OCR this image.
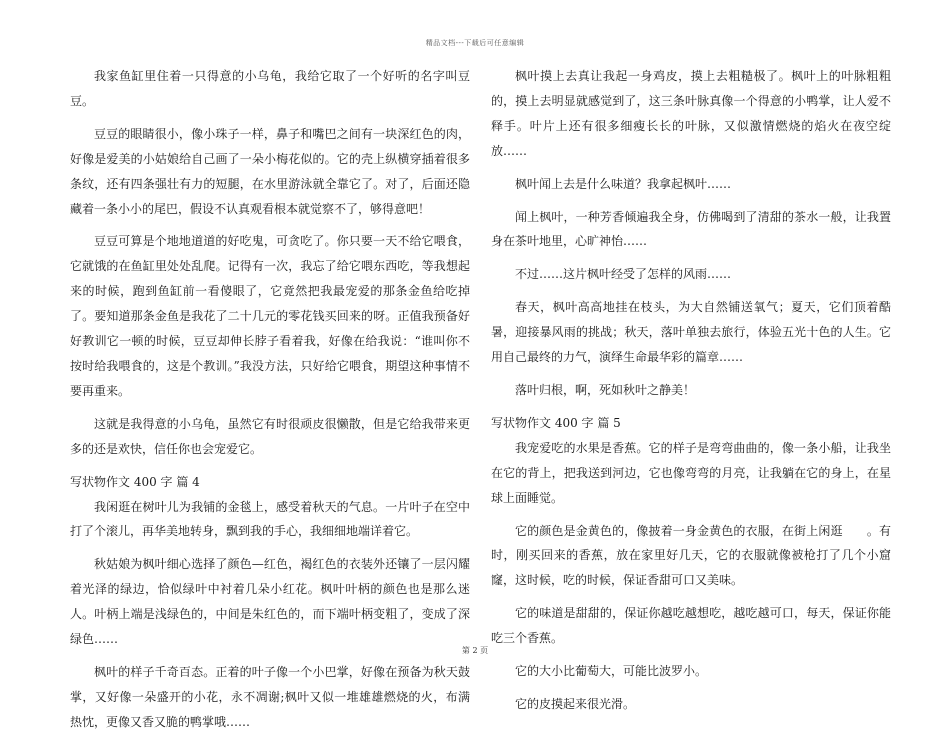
精品文档---下载后可任意编辑

我家鱼缸里住着一只得意的小乌龟，我给它取了一个好听的名字叫豆豆。

豆豆的眼睛很小，像小珠子一样，鼻子和嘴巴之间有一块深红色的肉，好像是爱美的小姑娘给自己画了一朵小梅花似的。它的壳上纵横穿插着很多条纹，还有四条强壮有力的短腿，在水里游泳就全靠它了。对了，后面还隐藏着一条小小的尾巴，假设不认真观看根本就觉察不了，够得意吧！

豆豆可算是个地地道道的好吃鬼，可贪吃了。你只要一天不给它喂食，它就饿的在鱼缸里处处乱爬。记得有一次，我忘了给它喂东西吃，等我想起来的时候，跑到鱼缸前一看傻眼了，它竟然把我最宠爱的那条金鱼给吃掉了。要知道那条金鱼是我花了二十几元的零花钱买回来的呀。正值我预备好好教训它一顿的时候，豆豆却伸长脖子看着我，好像在给我说：“谁叫你不按时给我喂食的，这是个教训。”我没方法，只好给它喂食，期望这种事情不要再重来。

这就是我得意的小乌龟，虽然它有时很顽皮很懒散，但是它给我带来更多的还是欢快，信任你也会宠爱它。

写状物作文 400 字 篇 4

我闲逛在树叶儿为我铺的金毯上，感受着秋天的气息。一片叶子在空中打了个滚儿，再华美地转身，飘到我的手心，我细细地端详着它。

秋姑娘为枫叶细心选择了颜色—红色，褐红色的衣装外还镶了一层闪耀着光泽的绿边，恰似绿叶中衬着几朵小红花。枫叶叶柄的颜色也是那么迷人。叶柄上端是浅绿色的，中间是朱红色的，而下端叶柄变粗了，变成了深绿色……

枫叶的样子千奇百态。正着的叶子像一个小巴掌，好像在预备为秋天鼓掌，又好像一朵盛开的小花，永不凋谢;枫叶又似一堆雄雄燃烧的火，布满热忱，更像又香又脆的鸭掌哦……

枫叶摸上去真让我起一身鸡皮，摸上去粗糙极了。枫叶上的叶脉粗粗的，摸上去明显就感觉到了，这三条叶脉真像一个得意的小鸭掌，让人爱不释手。叶片上还有很多细瘦长长的叶脉，又似激情燃烧的焰火在夜空绽放……

枫叶闻上去是什么味道？我拿起枫叶……

闻上枫叶，一种芳香倾遍我全身，仿佛喝到了清甜的茶水一般，让我置身在茶叶地里，心旷神怡……

不过……这片枫叶经受了怎样的风雨……

春天，枫叶高高地挂在枝头，为大自然铺送氧气；夏天，它们顶着酷暑，迎接暴风雨的挑战；秋天，落叶单独去旅行，体验五光十色的人生。它用自己最终的力气，演绎生命最华彩的篇章……

落叶归根，啊，死如秋叶之静美！

写状物作文 400 字 篇 5

我宠爱吃的水果是香蕉。它的样子是弯弯曲曲的，像一条小船，让我坐在它的背上，把我送到河边，它也像弯弯的月亮，让我躺在它的身上，在星球上面睡觉。

它的颜色是金黄色的，像披着一身金黄色的衣服，在街上闲逛　　。有时，刚买回来的香蕉，放在家里好几天，它的衣服就像被枪打了几个小窟窿，这时候，吃的时候，保证香甜可口又美味。

它的味道是甜甜的，保证你越吃越想吃，越吃越可口，每天，保证你能吃三个香蕉。

它的大小比葡萄大，可能比波罗小。

它的皮摸起来很光滑。

第 2 页
